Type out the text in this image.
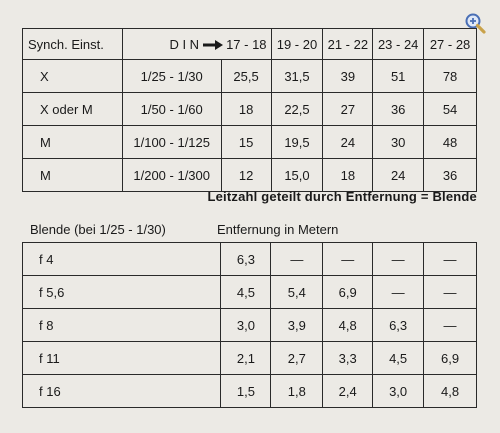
Synch. Einst.	D I N 17 - 18		19 - 20	21 - 22	23 - 24	27 - 28
X	1/25 - 1/30	25,5	31,5	39	51	78
X oder M	1/50 - 1/60	18	22,5	27	36	54
M	1/100 - 1/125	15	19,5	24	30	48
M	1/200 - 1/300	12	15,0	18	24	36
Leitzahl geteilt durch Entfernung = Blende
Blende (bei 1/25 - 1/30)	Entfernung in Metern
f 4	6,3	—	—	—	—
f 5,6	4,5	5,4	6,9	—	—
f 8	3,0	3,9	4,8	6,3	—
f 11	2,1	2,7	3,3	4,5	6,9
f 16	1,5	1,8	2,4	3,0	4,8
